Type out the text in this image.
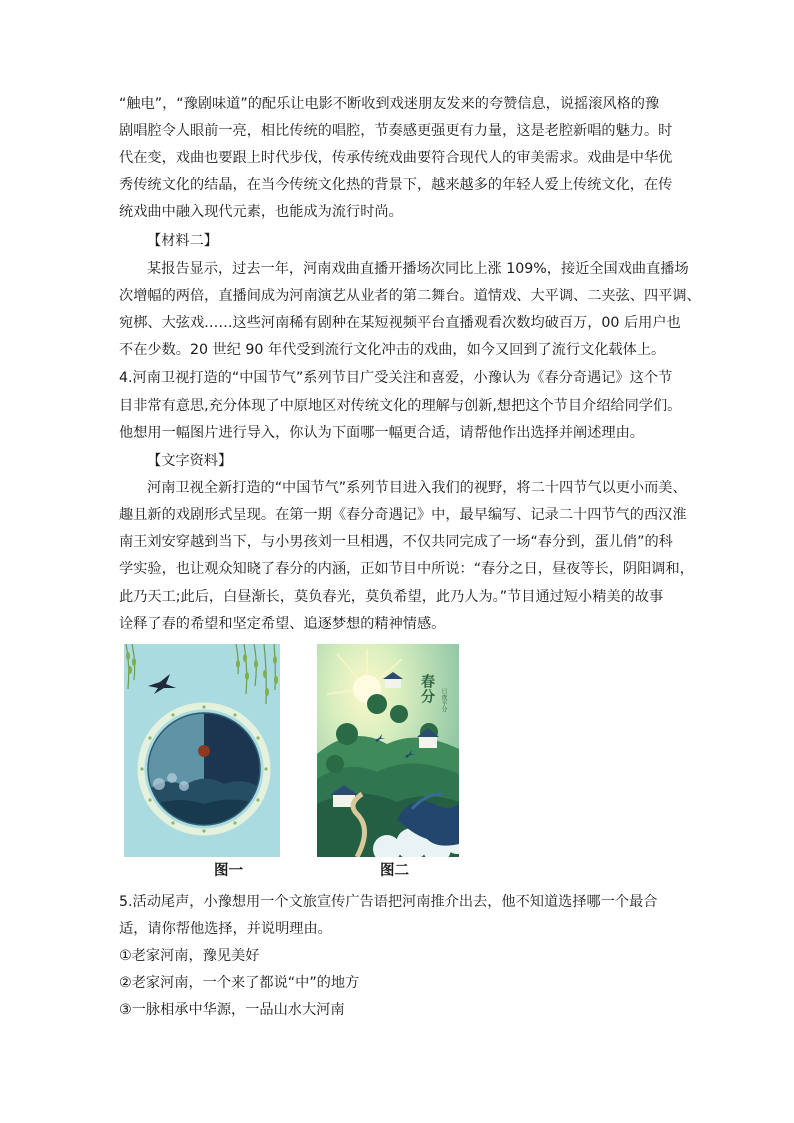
“触电”，“豫剧味道”的配乐让电影不断收到戏迷朋友发来的夸赞信息，说摇滚风格的豫
剧唱腔令人眼前一亮，相比传统的唱腔，节奏感更强更有力量，这是老腔新唱的魅力。时
代在变，戏曲也要跟上时代步伐，传承传统戏曲要符合现代人的审美需求。戏曲是中华优
秀传统文化的结晶，在当今传统文化热的背景下，越来越多的年轻人爱上传统文化，在传
统戏曲中融入现代元素，也能成为流行时尚。
【材料二】
某报告显示，过去一年，河南戏曲直播开播场次同比上涨 109%，接近全国戏曲直播场
次增幅的两倍，直播间成为河南演艺从业者的第二舞台。道情戏、大平调、二夹弦、四平调、
宛梆、大弦戏……这些河南稀有剧种在某短视频平台直播观看次数均破百万，00 后用户也
不在少数。20 世纪 90 年代受到流行文化冲击的戏曲，如今又回到了流行文化载体上。
4.河南卫视打造的“中国节气”系列节目广受关注和喜爱，小豫认为《春分奇遇记》这个节
目非常有意思,充分体现了中原地区对传统文化的理解与创新,想把这个节目介绍给同学们。
他想用一幅图片进行导入，你认为下面哪一幅更合适，请帮他作出选择并阐述理由。
【文字资料】
河南卫视全新打造的“中国节气”系列节目进入我们的视野，将二十四节气以更小而美、
趣且新的戏剧形式呈现。在第一期《春分奇遇记》中，最早编写、记录二十四节气的西汉淮
南王刘安穿越到当下，与小男孩刘一旦相遇，不仅共同完成了一场“春分到，蛋儿俏”的科
学实验，也让观众知晓了春分的内涵，正如节目中所说：“春分之日，昼夜等长，阴阳调和，
此乃天工;此后，白昼渐长，莫负春光，莫负希望，此乃人为。”节目通过短小精美的故事
诠释了春的希望和坚定希望、追逐梦想的精神情感。
春分 日夜平分
图一	图二
5.活动尾声，小豫想用一个文旅宣传广告语把河南推介出去，他不知道选择哪一个最合
适，请你帮他选择，并说明理由。
①老家河南，豫见美好
②老家河南，一个来了都说“中”的地方
③一脉相承中华源，一品山水大河南
